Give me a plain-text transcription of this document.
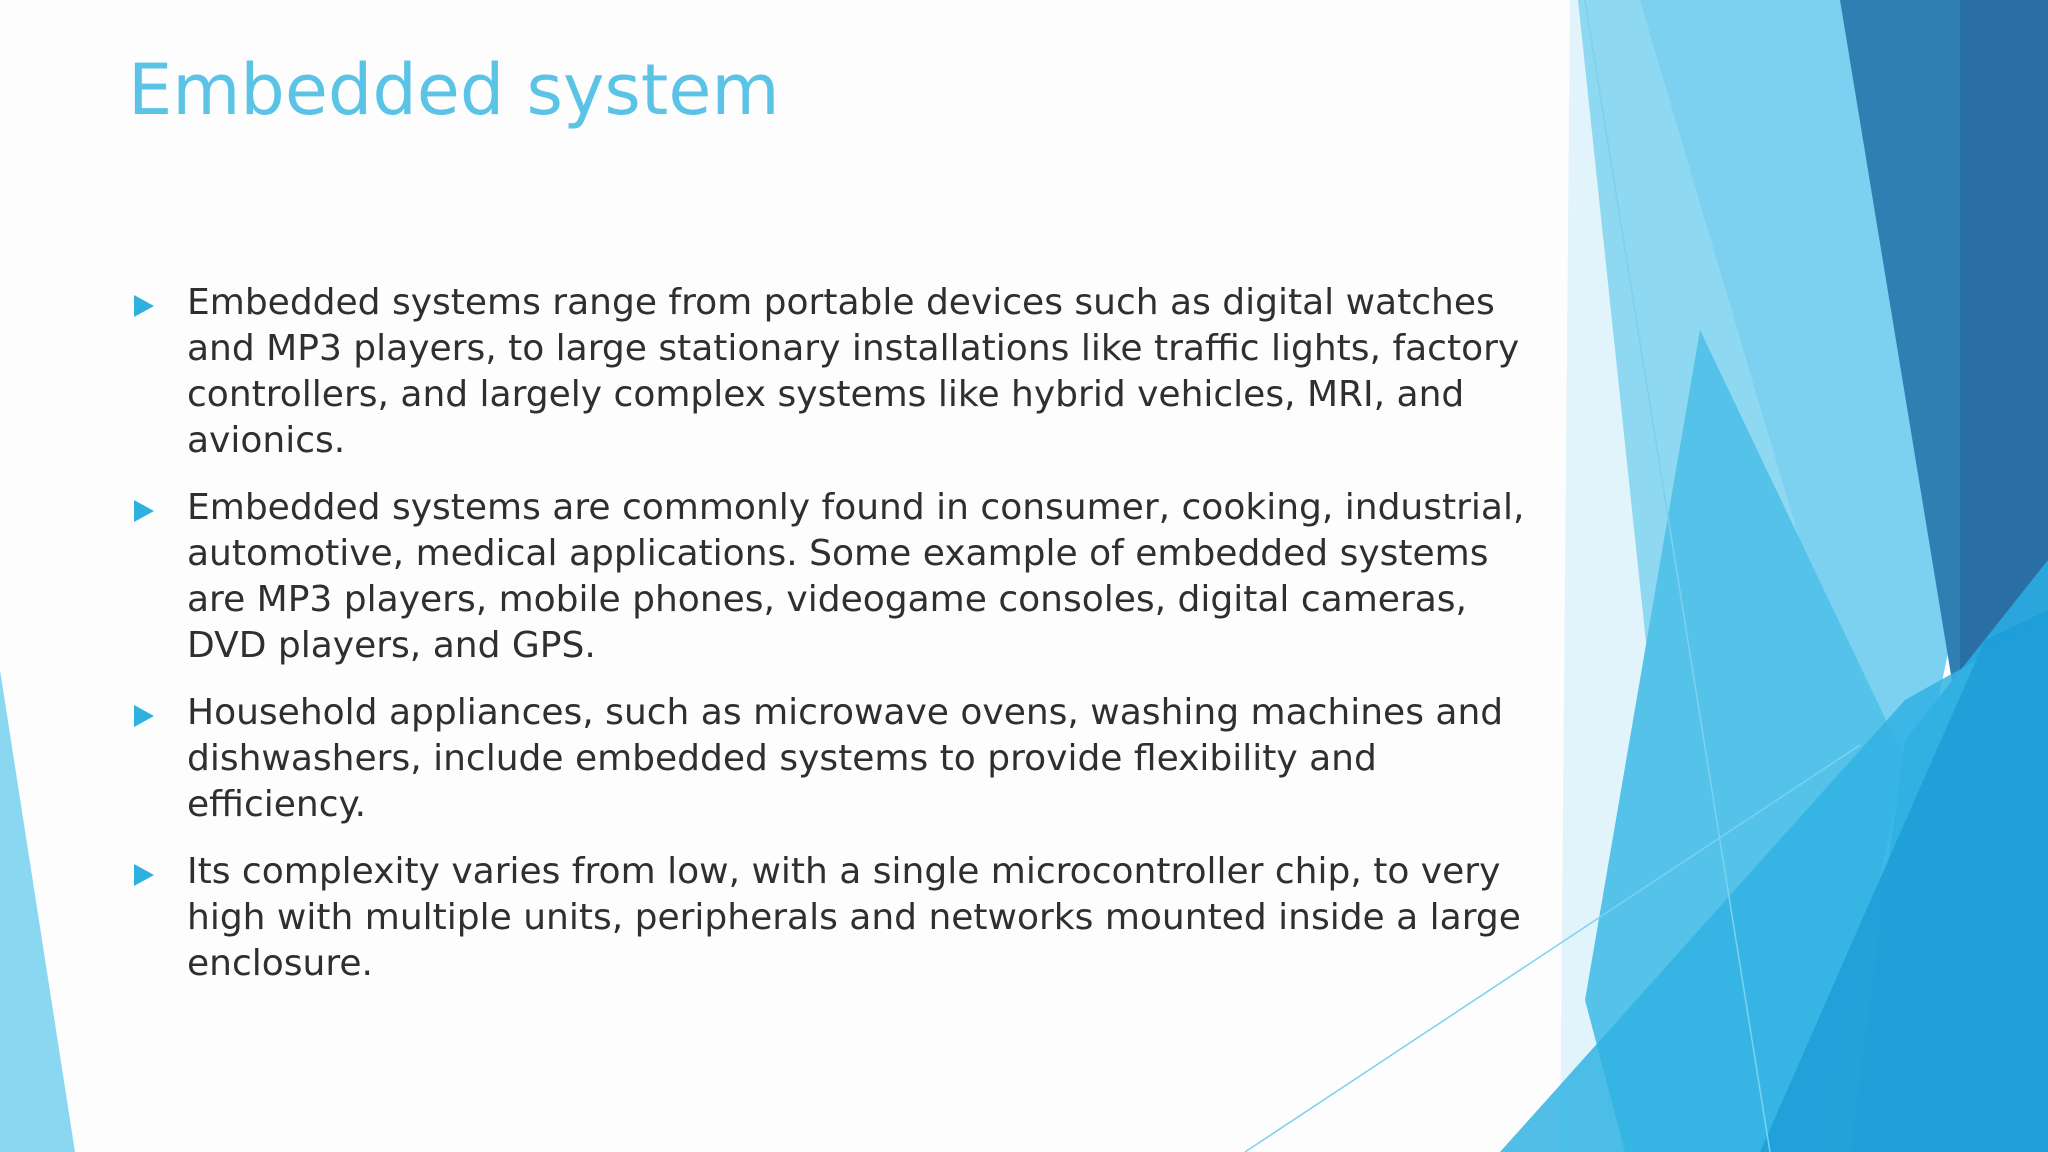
Embedded system
Embedded systems range from portable devices such as digital watches and MP3 players, to large stationary installations like traffic lights, factory controllers, and largely complex systems like hybrid vehicles, MRI, and avionics.
Embedded systems are commonly found in consumer, cooking, industrial, automotive, medical applications. Some example of embedded systems are MP3 players, mobile phones, videogame consoles, digital cameras, DVD players, and GPS.
Household appliances, such as microwave ovens, washing machines and dishwashers, include embedded systems to provide flexibility and efficiency.
Its complexity varies from low, with a single microcontroller chip, to very high with multiple units, peripherals and networks mounted inside a large enclosure.
